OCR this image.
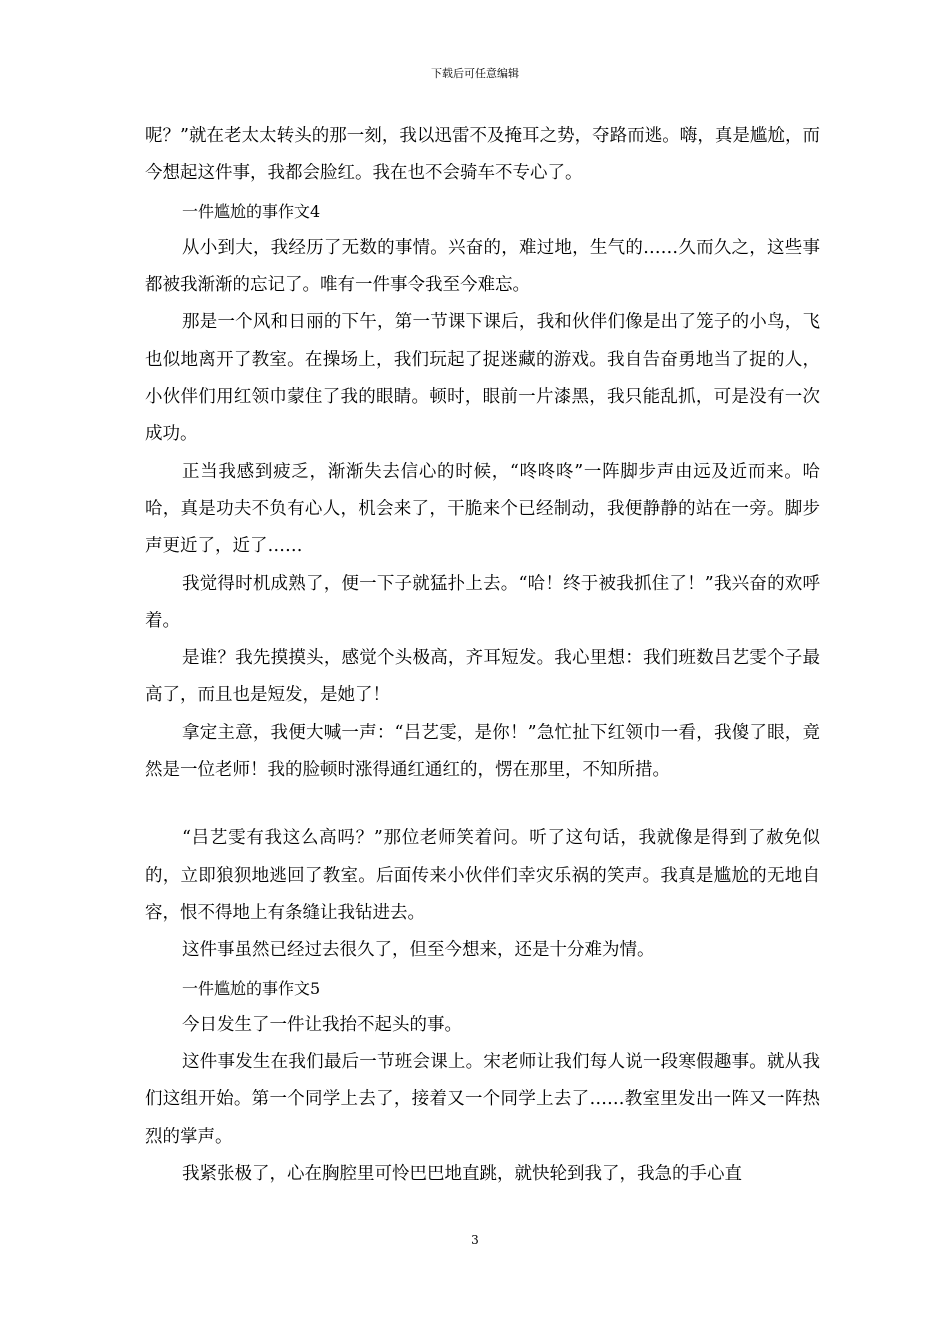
下载后可任意编辑

呢？”就在老太太转头的那一刻，我以迅雷不及掩耳之势，夺路而逃。嗨，真是尴尬，而今想起这件事，我都会脸红。我在也不会骑车不专心了。

一件尴尬的事作文4

从小到大，我经历了无数的事情。兴奋的，难过地，生气的……久而久之，这些事都被我渐渐的忘记了。唯有一件事令我至今难忘。

那是一个风和日丽的下午，第一节课下课后，我和伙伴们像是出了笼子的小鸟，飞也似地离开了教室。在操场上，我们玩起了捉迷藏的游戏。我自告奋勇地当了捉的人，小伙伴们用红领巾蒙住了我的眼睛。顿时，眼前一片漆黑，我只能乱抓，可是没有一次成功。

正当我感到疲乏，渐渐失去信心的时候，“咚咚咚”一阵脚步声由远及近而来。哈哈，真是功夫不负有心人，机会来了，干脆来个已经制动，我便静静的站在一旁。脚步声更近了，近了……

我觉得时机成熟了，便一下子就猛扑上去。“哈！终于被我抓住了！”我兴奋的欢呼着。

是谁？我先摸摸头，感觉个头极高，齐耳短发。我心里想：我们班数吕艺雯个子最高了，而且也是短发，是她了！

拿定主意，我便大喊一声：“吕艺雯，是你！”急忙扯下红领巾一看，我傻了眼，竟然是一位老师！我的脸顿时涨得通红通红的，愣在那里，不知所措。

“吕艺雯有我这么高吗？”那位老师笑着问。听了这句话，我就像是得到了赦免似的，立即狼狈地逃回了教室。后面传来小伙伴们幸灾乐祸的笑声。我真是尴尬的无地自容，恨不得地上有条缝让我钻进去。

这件事虽然已经过去很久了，但至今想来，还是十分难为情。

一件尴尬的事作文5

今日发生了一件让我抬不起头的事。

这件事发生在我们最后一节班会课上。宋老师让我们每人说一段寒假趣事。就从我们这组开始。第一个同学上去了，接着又一个同学上去了……教室里发出一阵又一阵热烈的掌声。

我紧张极了，心在胸腔里可怜巴巴地直跳，就快轮到我了，我急的手心直

3
